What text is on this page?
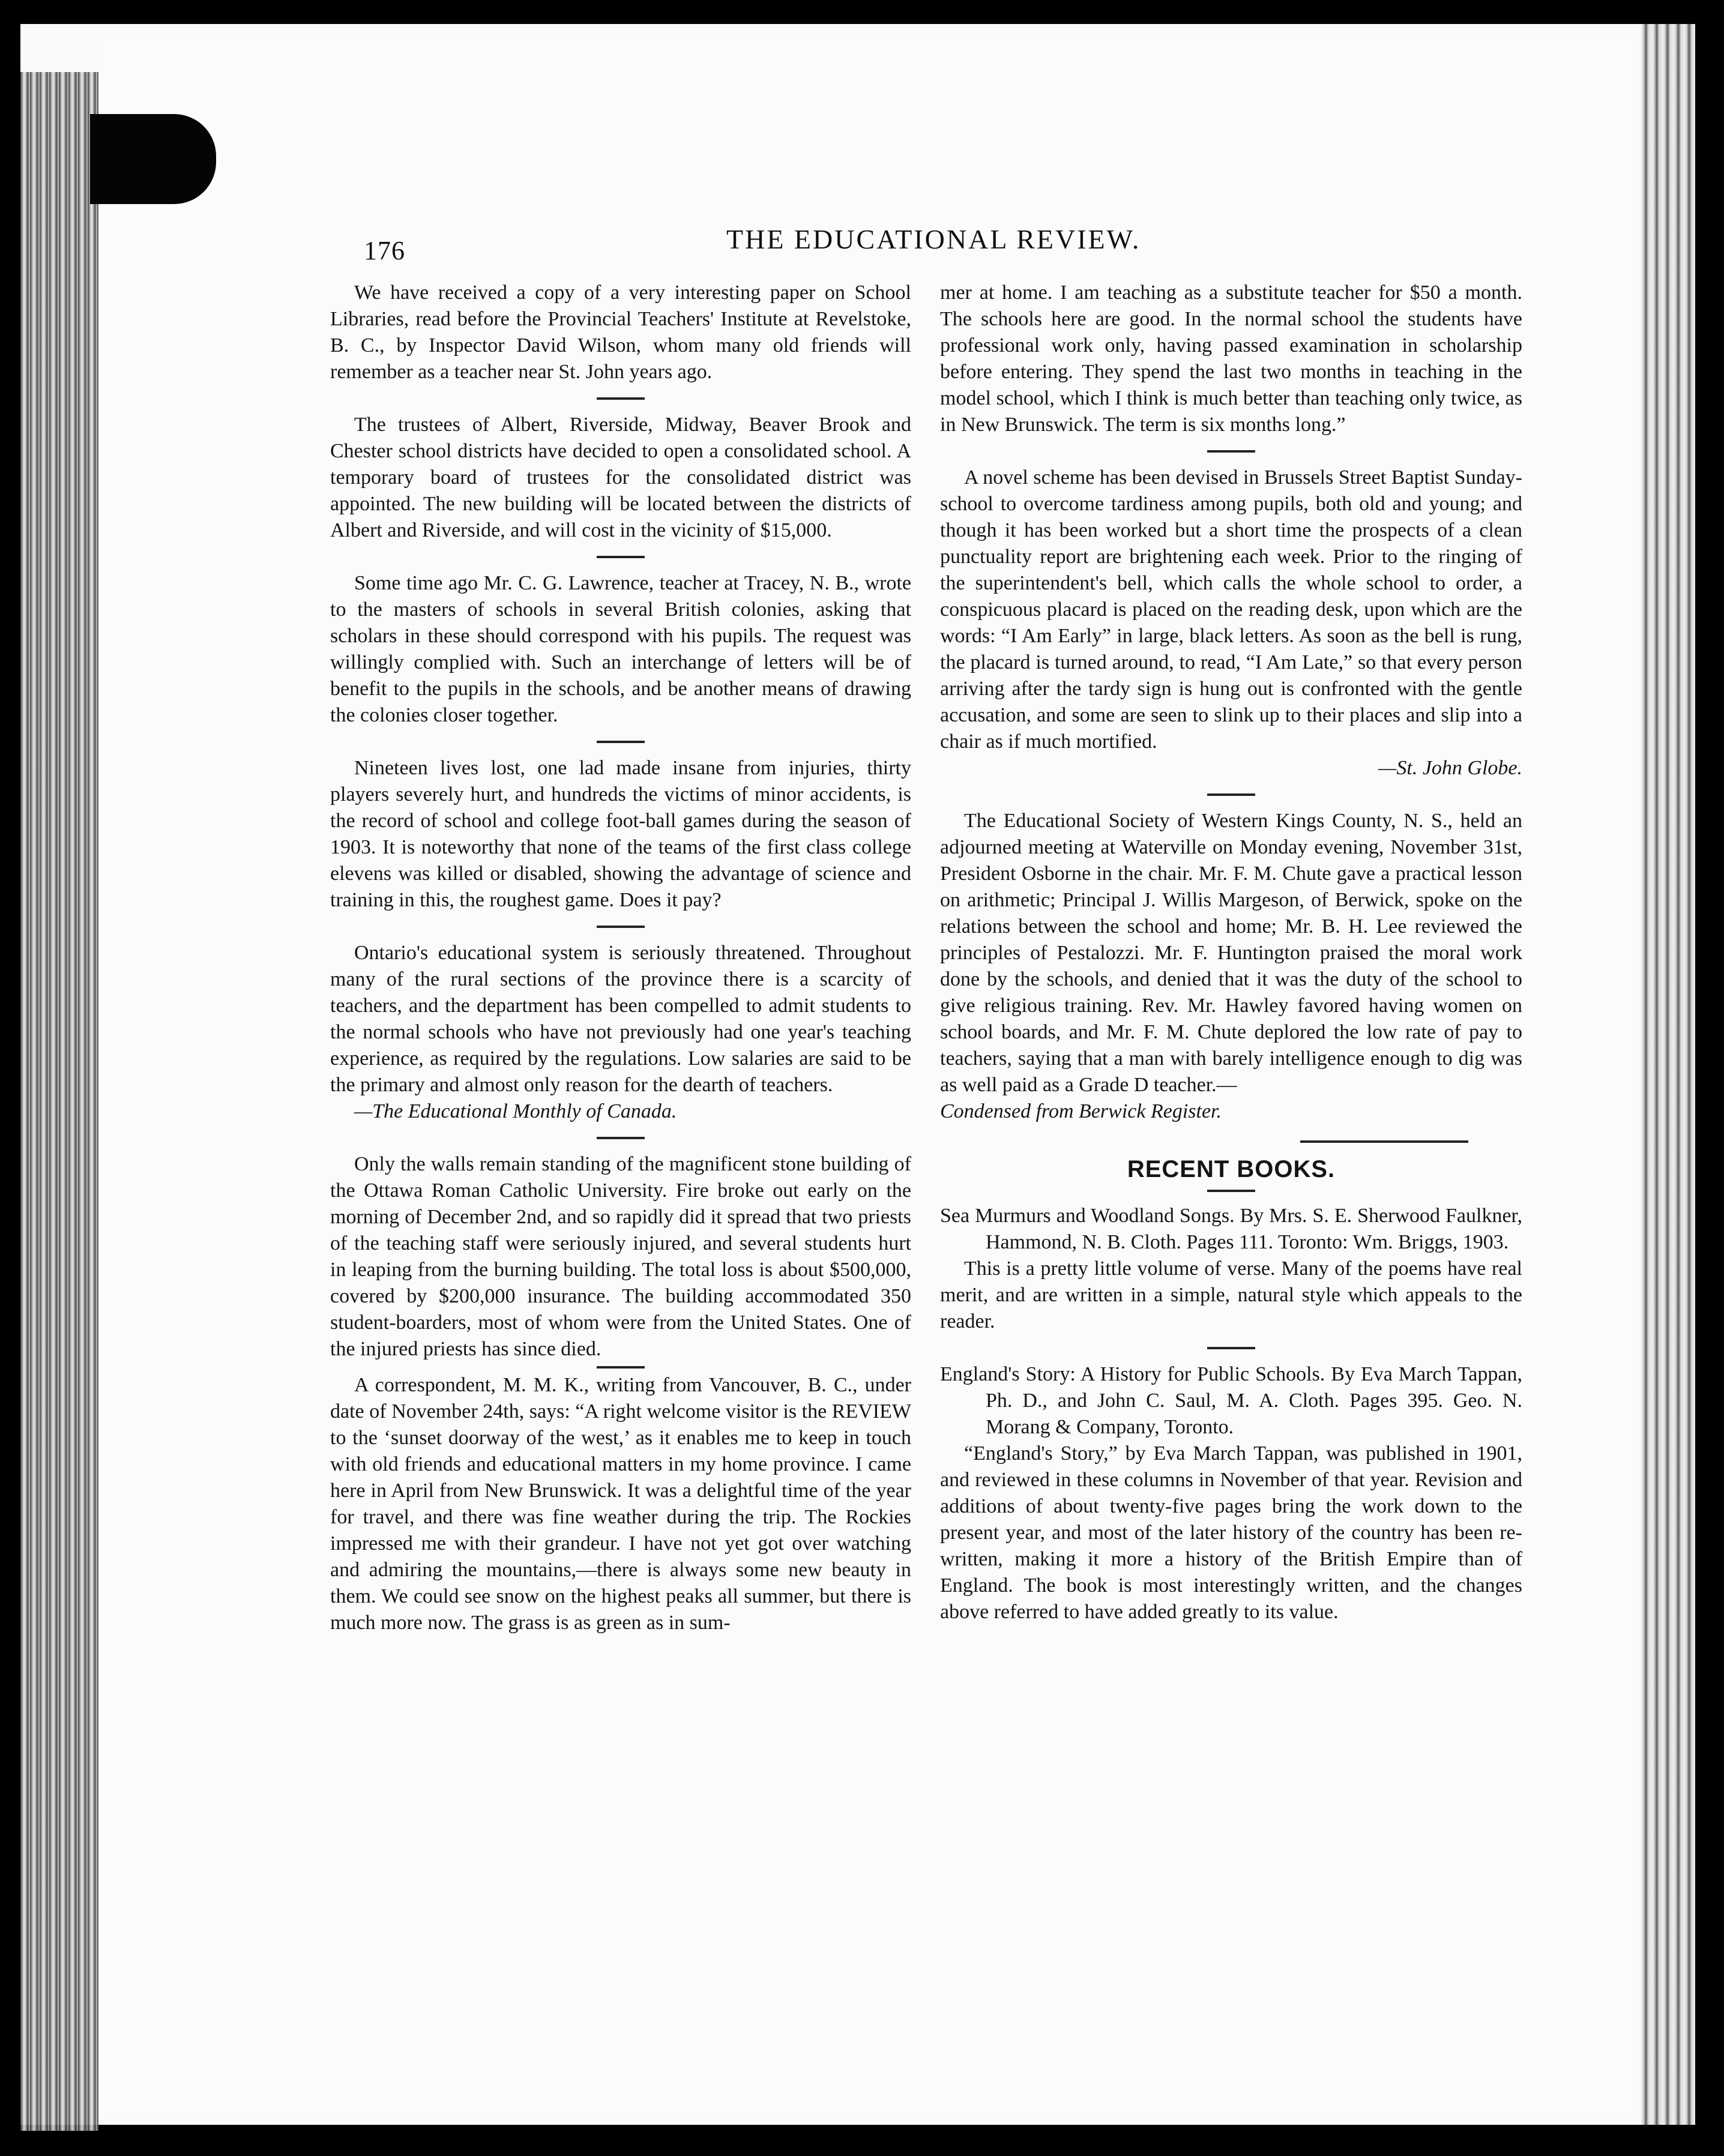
176	THE EDUCATIONAL REVIEW.

We have received a copy of a very interesting paper on School Libraries, read before the Provincial Teachers' Institute at Revelstoke, B. C., by Inspector David Wilson, whom many old friends will remember as a teacher near St. John years ago.

The trustees of Albert, Riverside, Midway, Beaver Brook and Chester school districts have decided to open a consolidated school. A temporary board of trustees for the consolidated district was appointed. The new building will be located between the districts of Albert and Riverside, and will cost in the vicinity of $15,000.

Some time ago Mr. C. G. Lawrence, teacher at Tracey, N. B., wrote to the masters of schools in several British colonies, asking that scholars in these should correspond with his pupils. The request was willingly complied with. Such an interchange of letters will be of benefit to the pupils in the schools, and be another means of drawing the colonies closer together.

Nineteen lives lost, one lad made insane from injuries, thirty players severely hurt, and hundreds the victims of minor accidents, is the record of school and college foot-ball games during the season of 1903. It is noteworthy that none of the teams of the first class college elevens was killed or disabled, showing the advantage of science and training in this, the roughest game. Does it pay?

Ontario's educational system is seriously threatened. Throughout many of the rural sections of the province there is a scarcity of teachers, and the department has been compelled to admit students to the normal schools who have not previously had one year's teaching experience, as required by the regulations. Low salaries are said to be the primary and almost only reason for the dearth of teachers.

—The Educational Monthly of Canada.

Only the walls remain standing of the magnificent stone building of the Ottawa Roman Catholic University. Fire broke out early on the morning of December 2nd, and so rapidly did it spread that two priests of the teaching staff were seriously injured, and several students hurt in leaping from the burning building. The total loss is about $500,000, covered by $200,000 insurance. The building accommodated 350 student-boarders, most of whom were from the United States. One of the injured priests has since died.

A correspondent, M. M. K., writing from Vancouver, B. C., under date of November 24th, says: “A right welcome visitor is the REVIEW to the ‘sunset doorway of the west,’ as it enables me to keep in touch with old friends and educational matters in my home province. I came here in April from New Brunswick. It was a delightful time of the year for travel, and there was fine weather during the trip. The Rockies impressed me with their grandeur. I have not yet got over watching and admiring the mountains,—there is always some new beauty in them. We could see snow on the highest peaks all summer, but there is much more now. The grass is as green as in sum-

mer at home. I am teaching as a substitute teacher for $50 a month. The schools here are good. In the normal school the students have professional work only, having passed examination in scholarship before entering. They spend the last two months in teaching in the model school, which I think is much better than teaching only twice, as in New Brunswick. The term is six months long.”

A novel scheme has been devised in Brussels Street Baptist Sunday-school to overcome tardiness among pupils, both old and young; and though it has been worked but a short time the prospects of a clean punctuality report are brightening each week. Prior to the ringing of the superintendent's bell, which calls the whole school to order, a conspicuous placard is placed on the reading desk, upon which are the words: “I Am Early” in large, black letters. As soon as the bell is rung, the placard is turned around, to read, “I Am Late,” so that every person arriving after the tardy sign is hung out is confronted with the gentle accusation, and some are seen to slink up to their places and slip into a chair as if much mortified.

—St. John Globe.

The Educational Society of Western Kings County, N. S., held an adjourned meeting at Waterville on Monday evening, November 31st, President Osborne in the chair. Mr. F. M. Chute gave a practical lesson on arithmetic; Principal J. Willis Margeson, of Berwick, spoke on the relations between the school and home; Mr. B. H. Lee reviewed the principles of Pestalozzi. Mr. F. Huntington praised the moral work done by the schools, and denied that it was the duty of the school to give religious training. Rev. Mr. Hawley favored having women on school boards, and Mr. F. M. Chute deplored the low rate of pay to teachers, saying that a man with barely intelligence enough to dig was as well paid as a Grade D teacher.—

Condensed from Berwick Register.

RECENT BOOKS.

Sea Murmurs and Woodland Songs. By Mrs. S. E. Sherwood Faulkner, Hammond, N. B. Cloth. Pages 111. Toronto: Wm. Briggs, 1903.

This is a pretty little volume of verse. Many of the poems have real merit, and are written in a simple, natural style which appeals to the reader.

England's Story: A History for Public Schools. By Eva March Tappan, Ph. D., and John C. Saul, M. A. Cloth. Pages 395. Geo. N. Morang & Company, Toronto.

“England's Story,” by Eva March Tappan, was published in 1901, and reviewed in these columns in November of that year. Revision and additions of about twenty-five pages bring the work down to the present year, and most of the later history of the country has been re-written, making it more a history of the British Empire than of England. The book is most interestingly written, and the changes above referred to have added greatly to its value.
